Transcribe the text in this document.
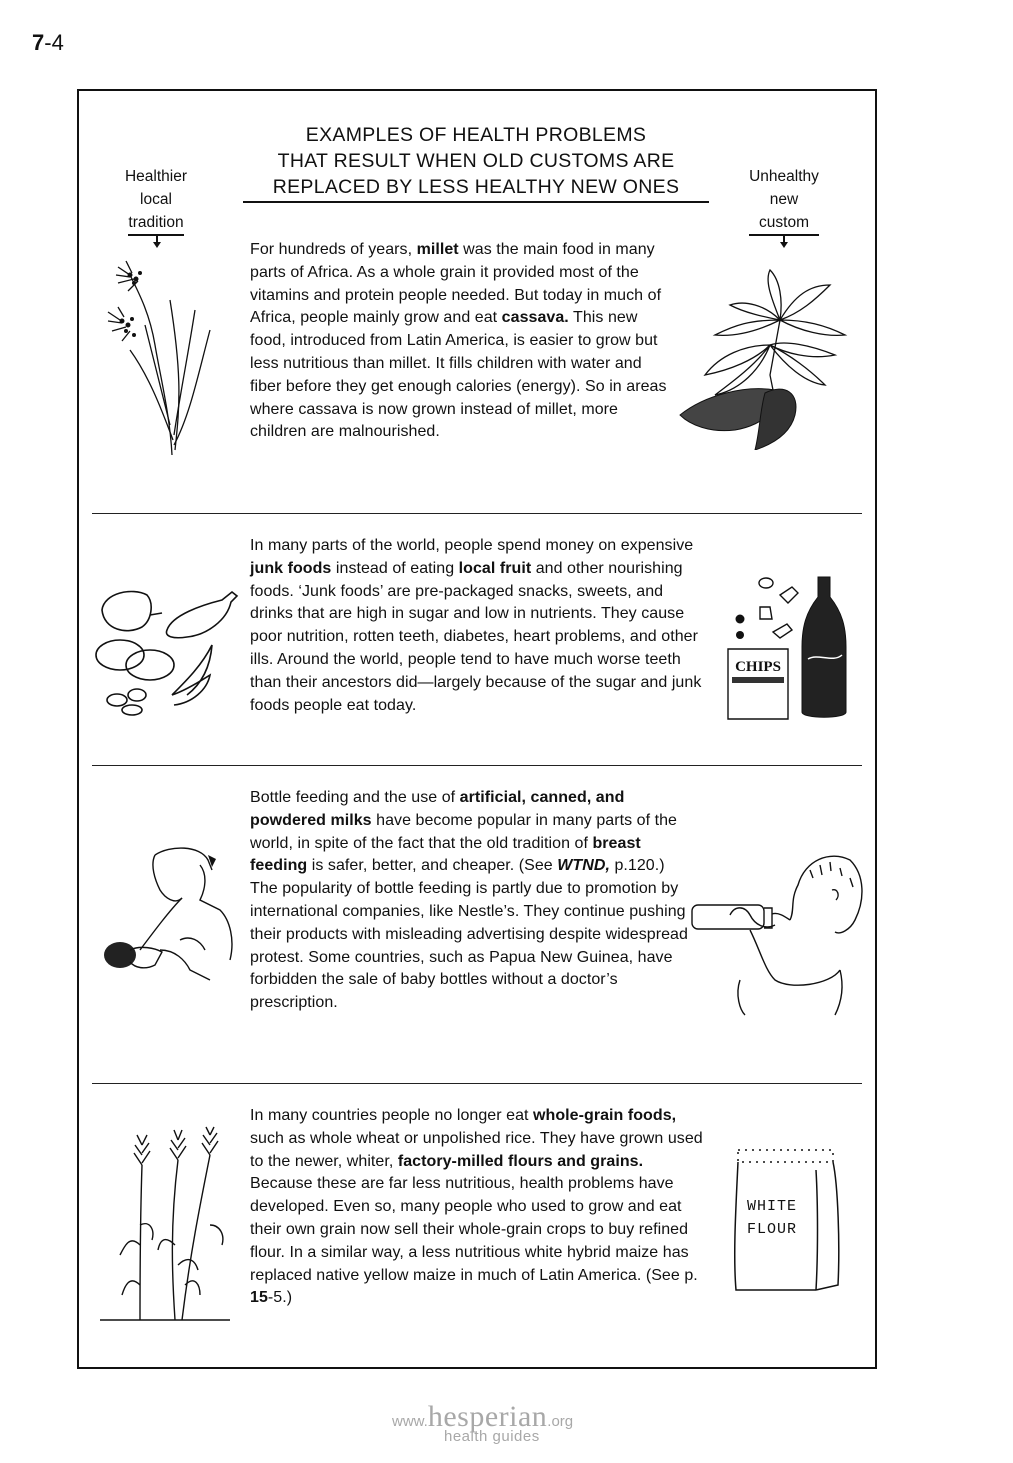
7-4
EXAMPLES OF HEALTH PROBLEMS
THAT RESULT WHEN OLD CUSTOMS ARE
REPLACED BY LESS HEALTHY NEW ONES
Healthier
local
tradition
Unhealthy
new
custom
For hundreds of years, millet was the main food in many parts of Africa. As a whole grain it provided most of the vitamins and protein people needed. But today in much of Africa, people mainly grow and eat cassava. This new food, introduced from Latin America, is easier to grow but less nutritious than millet. It fills children with water and fiber before they get enough calories (energy). So in areas where cassava is now grown instead of millet, more children are malnourished.
In many parts of the world, people spend money on expensive junk foods instead of eating local fruit and other nourishing foods. ‘Junk foods’ are pre-packaged snacks, sweets, and drinks that are high in sugar and low in nutrients. They cause poor nutrition, rotten teeth, diabetes, heart problems, and other ills. Around the world, people tend to have much worse teeth than their ancestors did—largely because of the sugar and junk foods people eat today.
CHIPS
Bottle feeding and the use of artificial, canned, and powdered milks have become popular in many parts of the world, in spite of the fact that the old tradition of breast feeding is safer, better, and cheaper. (See WTND, p.120.) The popularity of bottle feeding is partly due to promotion by international companies, like Nestle’s. They continue pushing their products with misleading advertising despite widespread protest. Some countries, such as Papua New Guinea, have forbidden the sale of baby bottles without a doctor’s prescription.
In many countries people no longer eat whole-grain foods, such as whole wheat or unpolished rice. They have grown used to the newer, whiter, factory-milled flours and grains. Because these are far less nutritious, health problems have developed. Even so, many people who used to grow and eat their own grain now sell their whole-grain crops to buy refined flour. In a similar way, a less nutritious white hybrid maize has replaced native yellow maize in much of Latin America. (See p. 15-5.)
WHITE
FLOUR
www.hesperian.org
health guides
